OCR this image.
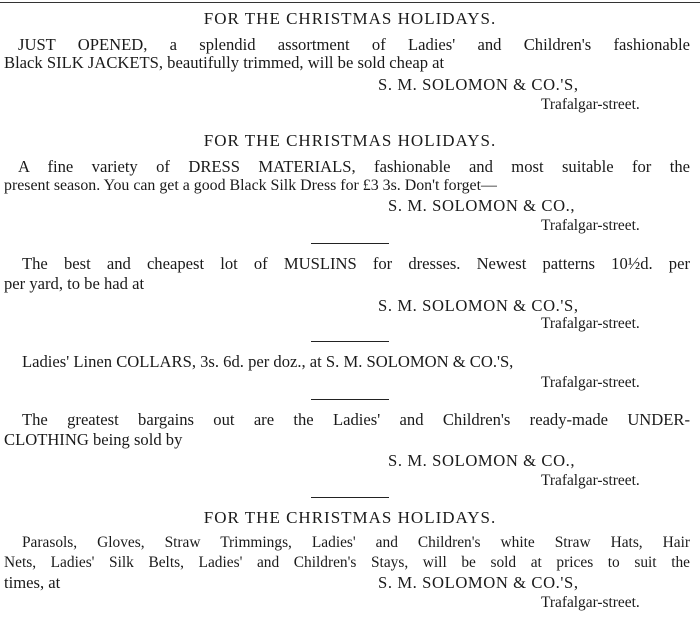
FOR THE CHRISTMAS HOLIDAYS.
JUST OPENED, a splendid assortment of Ladies' and Children's fashionable
Black SILK JACKETS, beautifully trimmed, will be sold cheap at
S. M. SOLOMON & CO.'S,
Trafalgar-street.
FOR THE CHRISTMAS HOLIDAYS.
A fine variety of DRESS MATERIALS, fashionable and most suitable for the
present season. You can get a good Black Silk Dress for £3 3s. Don't forget—
S. M. SOLOMON & CO.,
Trafalgar-street.
The best and cheapest lot of MUSLINS for dresses. Newest patterns 10½d. per
per yard, to be had at
S. M. SOLOMON & CO.'S,
Trafalgar-street.
Ladies' Linen COLLARS, 3s. 6d. per doz., at S. M. SOLOMON & CO.'S,
Trafalgar-street.
The greatest bargains out are the Ladies' and Children's ready-made UNDER-
CLOTHING being sold by
S. M. SOLOMON & CO.,
Trafalgar-street.
FOR THE CHRISTMAS HOLIDAYS.
Parasols, Gloves, Straw Trimmings, Ladies' and Children's white Straw Hats, Hair
Nets, Ladies' Silk Belts, Ladies' and Children's Stays, will be sold at prices to suit the
times, at	S. M. SOLOMON & CO.'S,
Trafalgar-street.
